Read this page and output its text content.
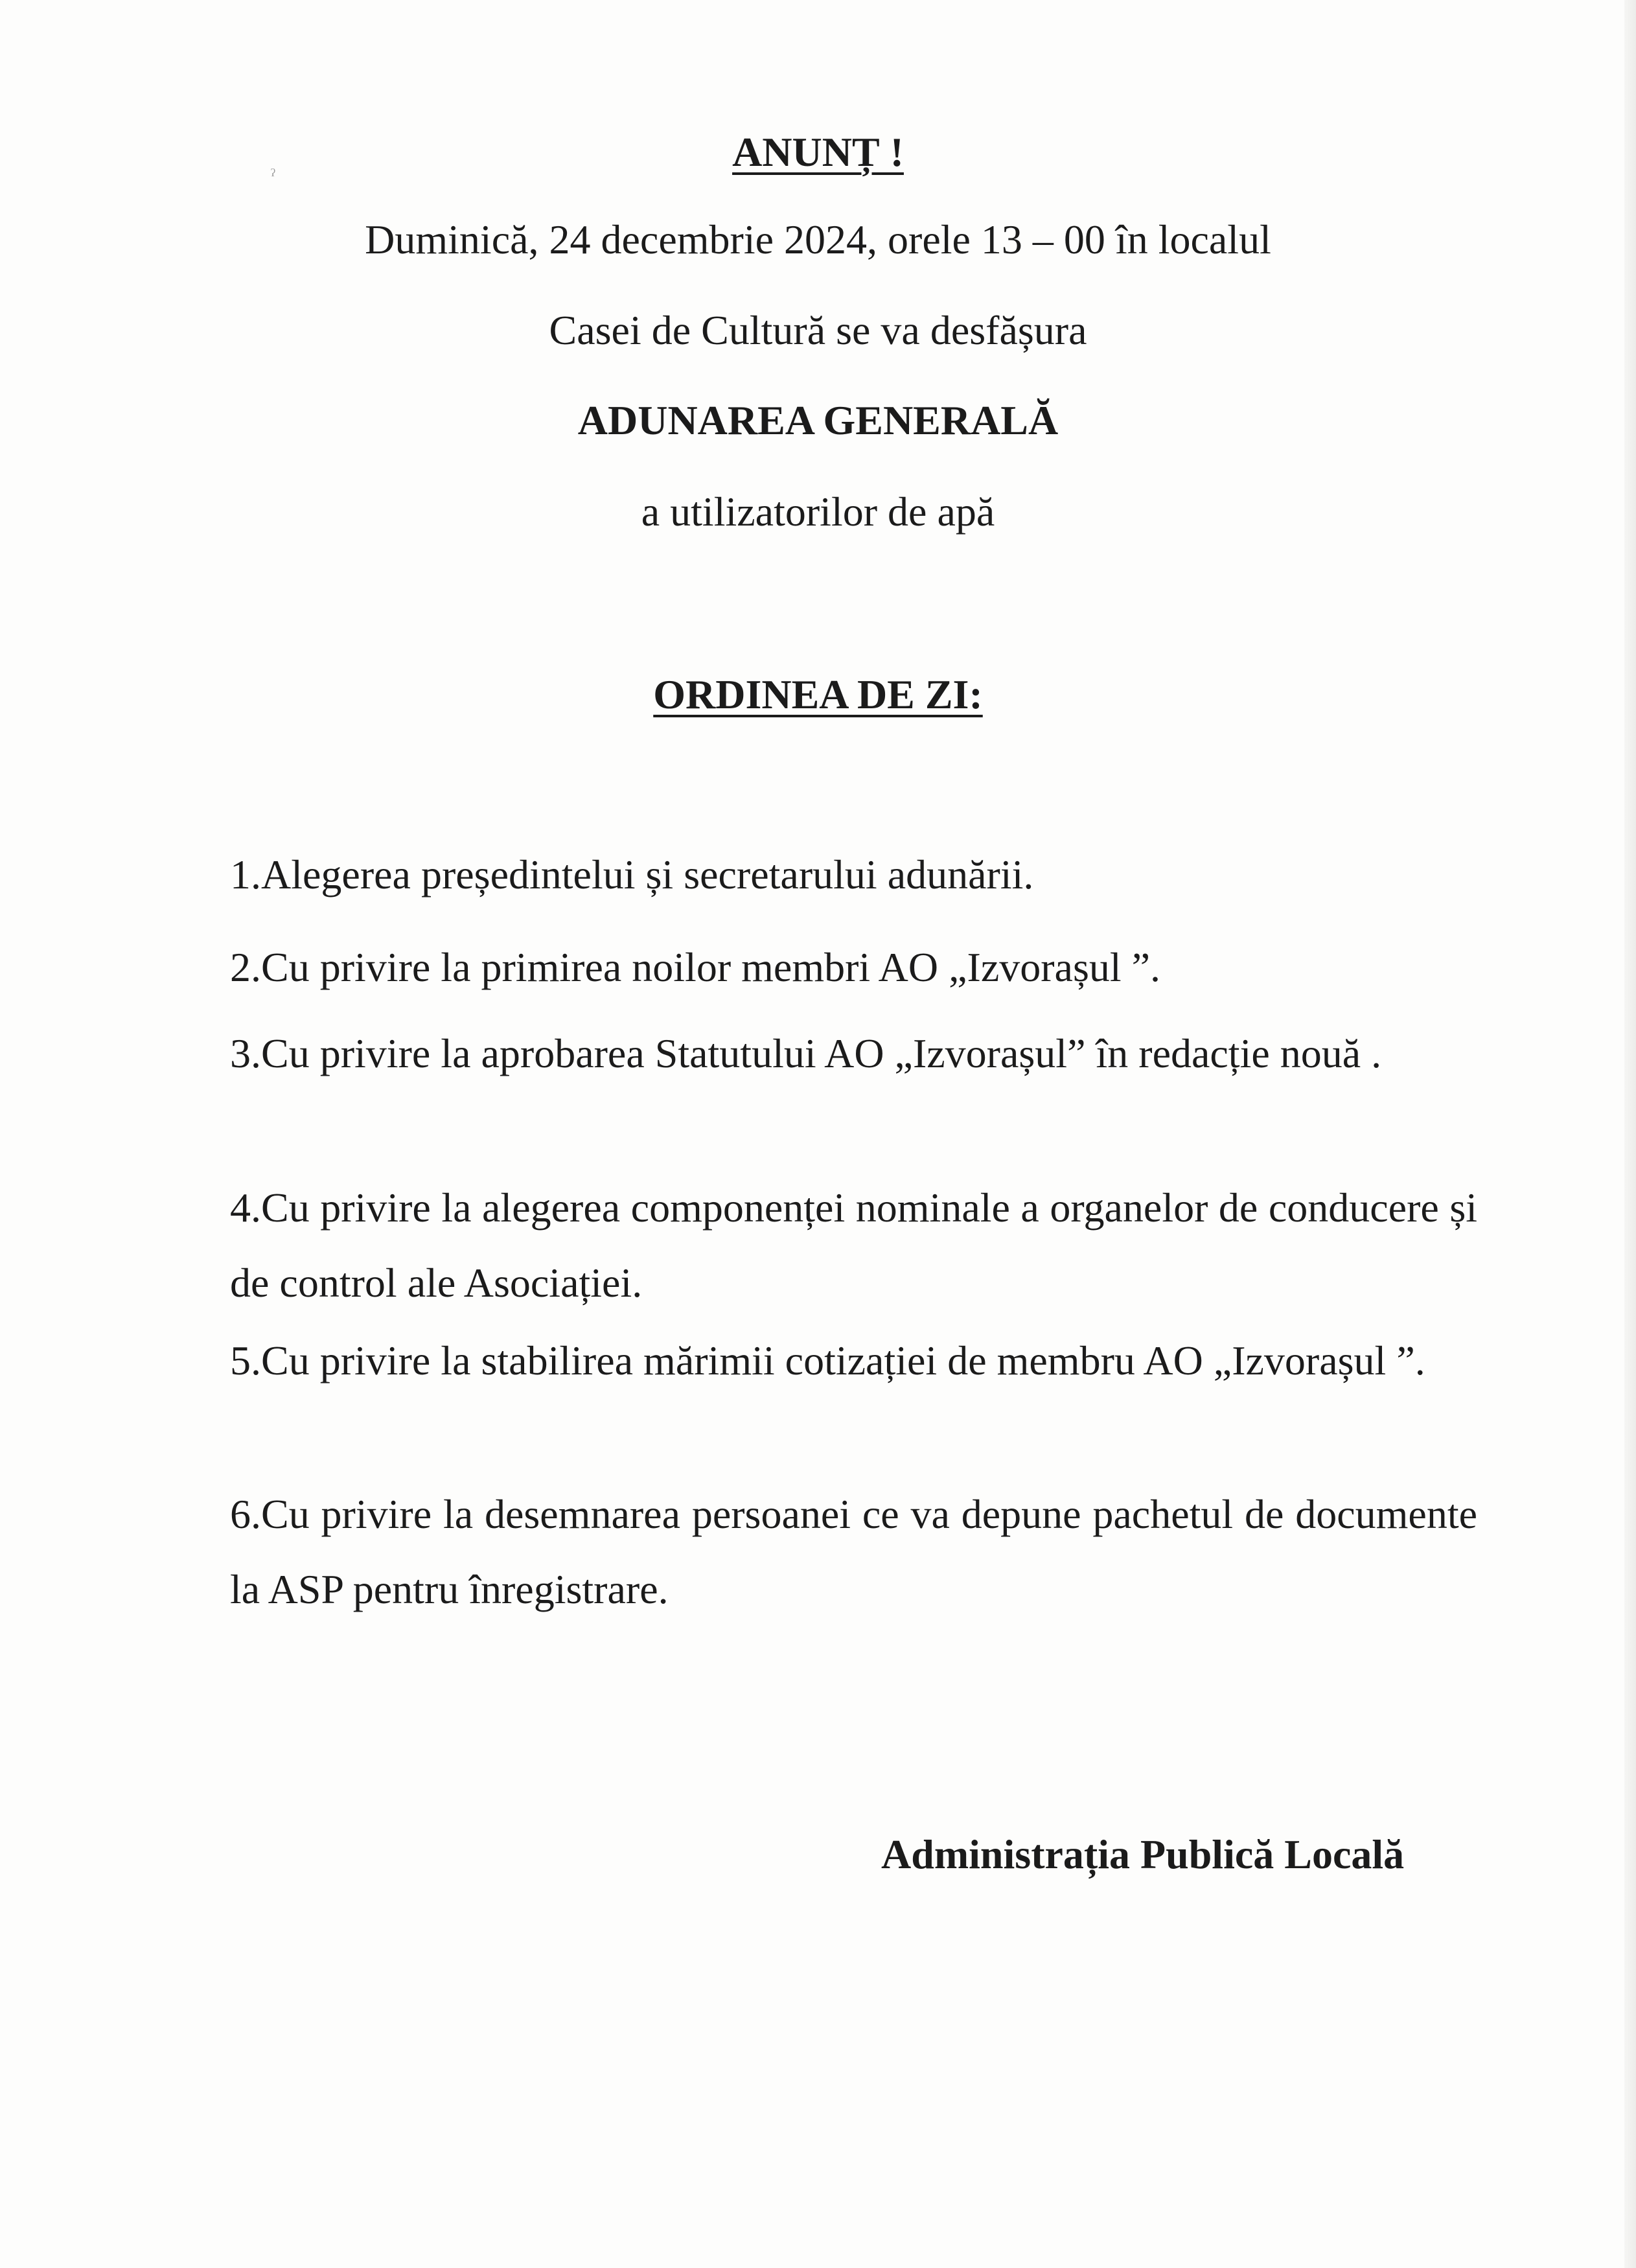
ˀ
ANUNȚ !
Duminică, 24 decembrie 2024, orele 13 – 00 în localul
Casei de Cultură se va desfășura
ADUNAREA GENERALĂ
a utilizatorilor de apă
ORDINEA DE ZI:
1.Alegerea președintelui și secretarului adunării.
2.Cu privire la primirea noilor membri AO „Izvorașul ”.
3.Cu privire la aprobarea Statutului AO „Izvorașul” în redacție nouă .
4.Cu privire la alegerea componenței nominale a organelor de conducere și de control ale Asociației.
5.Cu privire la stabilirea mărimii cotizației de membru AO „Izvorașul ”.
6.Cu privire la desemnarea persoanei ce va depune pachetul de documente la ASP pentru înregistrare.
Administrația Publică Locală
